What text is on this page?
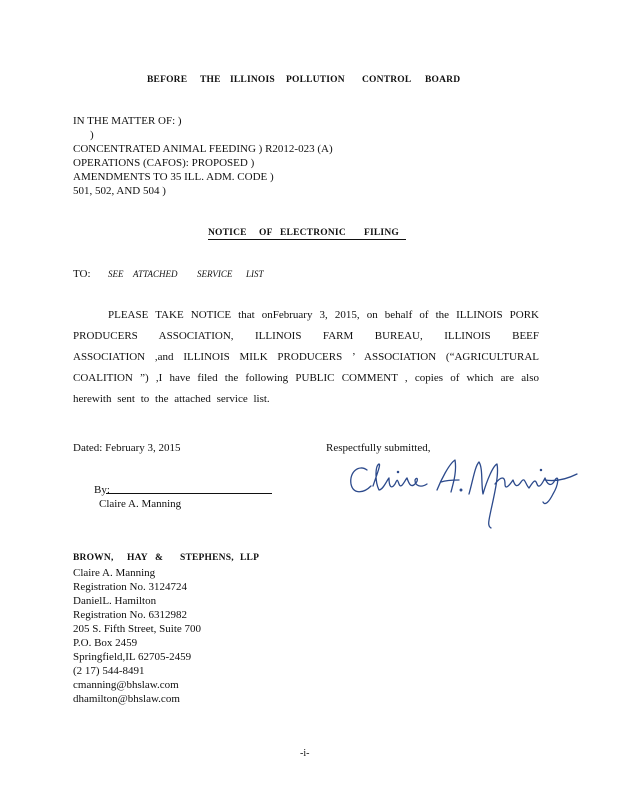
BEFORE THE ILLINOIS POLLUTION CONTROL BOARD
IN THE MATTER OF: )
)
CONCENTRATED ANIMAL FEEDING ) R2012-023 (A)
OPERATIONS (CAFOS): PROPOSED )
AMENDMENTS TO 35 ILL. ADM. CODE )
501, 502, AND 504 )
NOTICE OF ELECTRONIC FILING
TO: SEE ATTACHED SERVICE LIST
PLEASE TAKE NOTICE that onFebruary 3, 2015, on behalf of the ILLINOIS PORK
PRODUCERS ASSOCIATION, ILLINOIS FARM BUREAU, ILLINOIS BEEF
ASSOCIATION ,and ILLINOIS MILK PRODUCERS ’ ASSOCIATION (“AGRICULTURAL
COALITION ”) ,I have filed the following PUBLIC COMMENT , copies of which are also
herewith sent to the attached service list.
Dated: February 3, 2015	Respectfully submitted,
By:
Claire A. Manning
BROWN, HAY & STEPHENS, LLP
Claire A. Manning
Registration No. 3124724
DanielL. Hamilton
Registration No. 6312982
205 S. Fifth Street, Suite 700
P.O. Box 2459
Springfield,IL 62705-2459
(2 17) 544-8491
cmanning@bhslaw.com
dhamilton@bhslaw.com
-i-
